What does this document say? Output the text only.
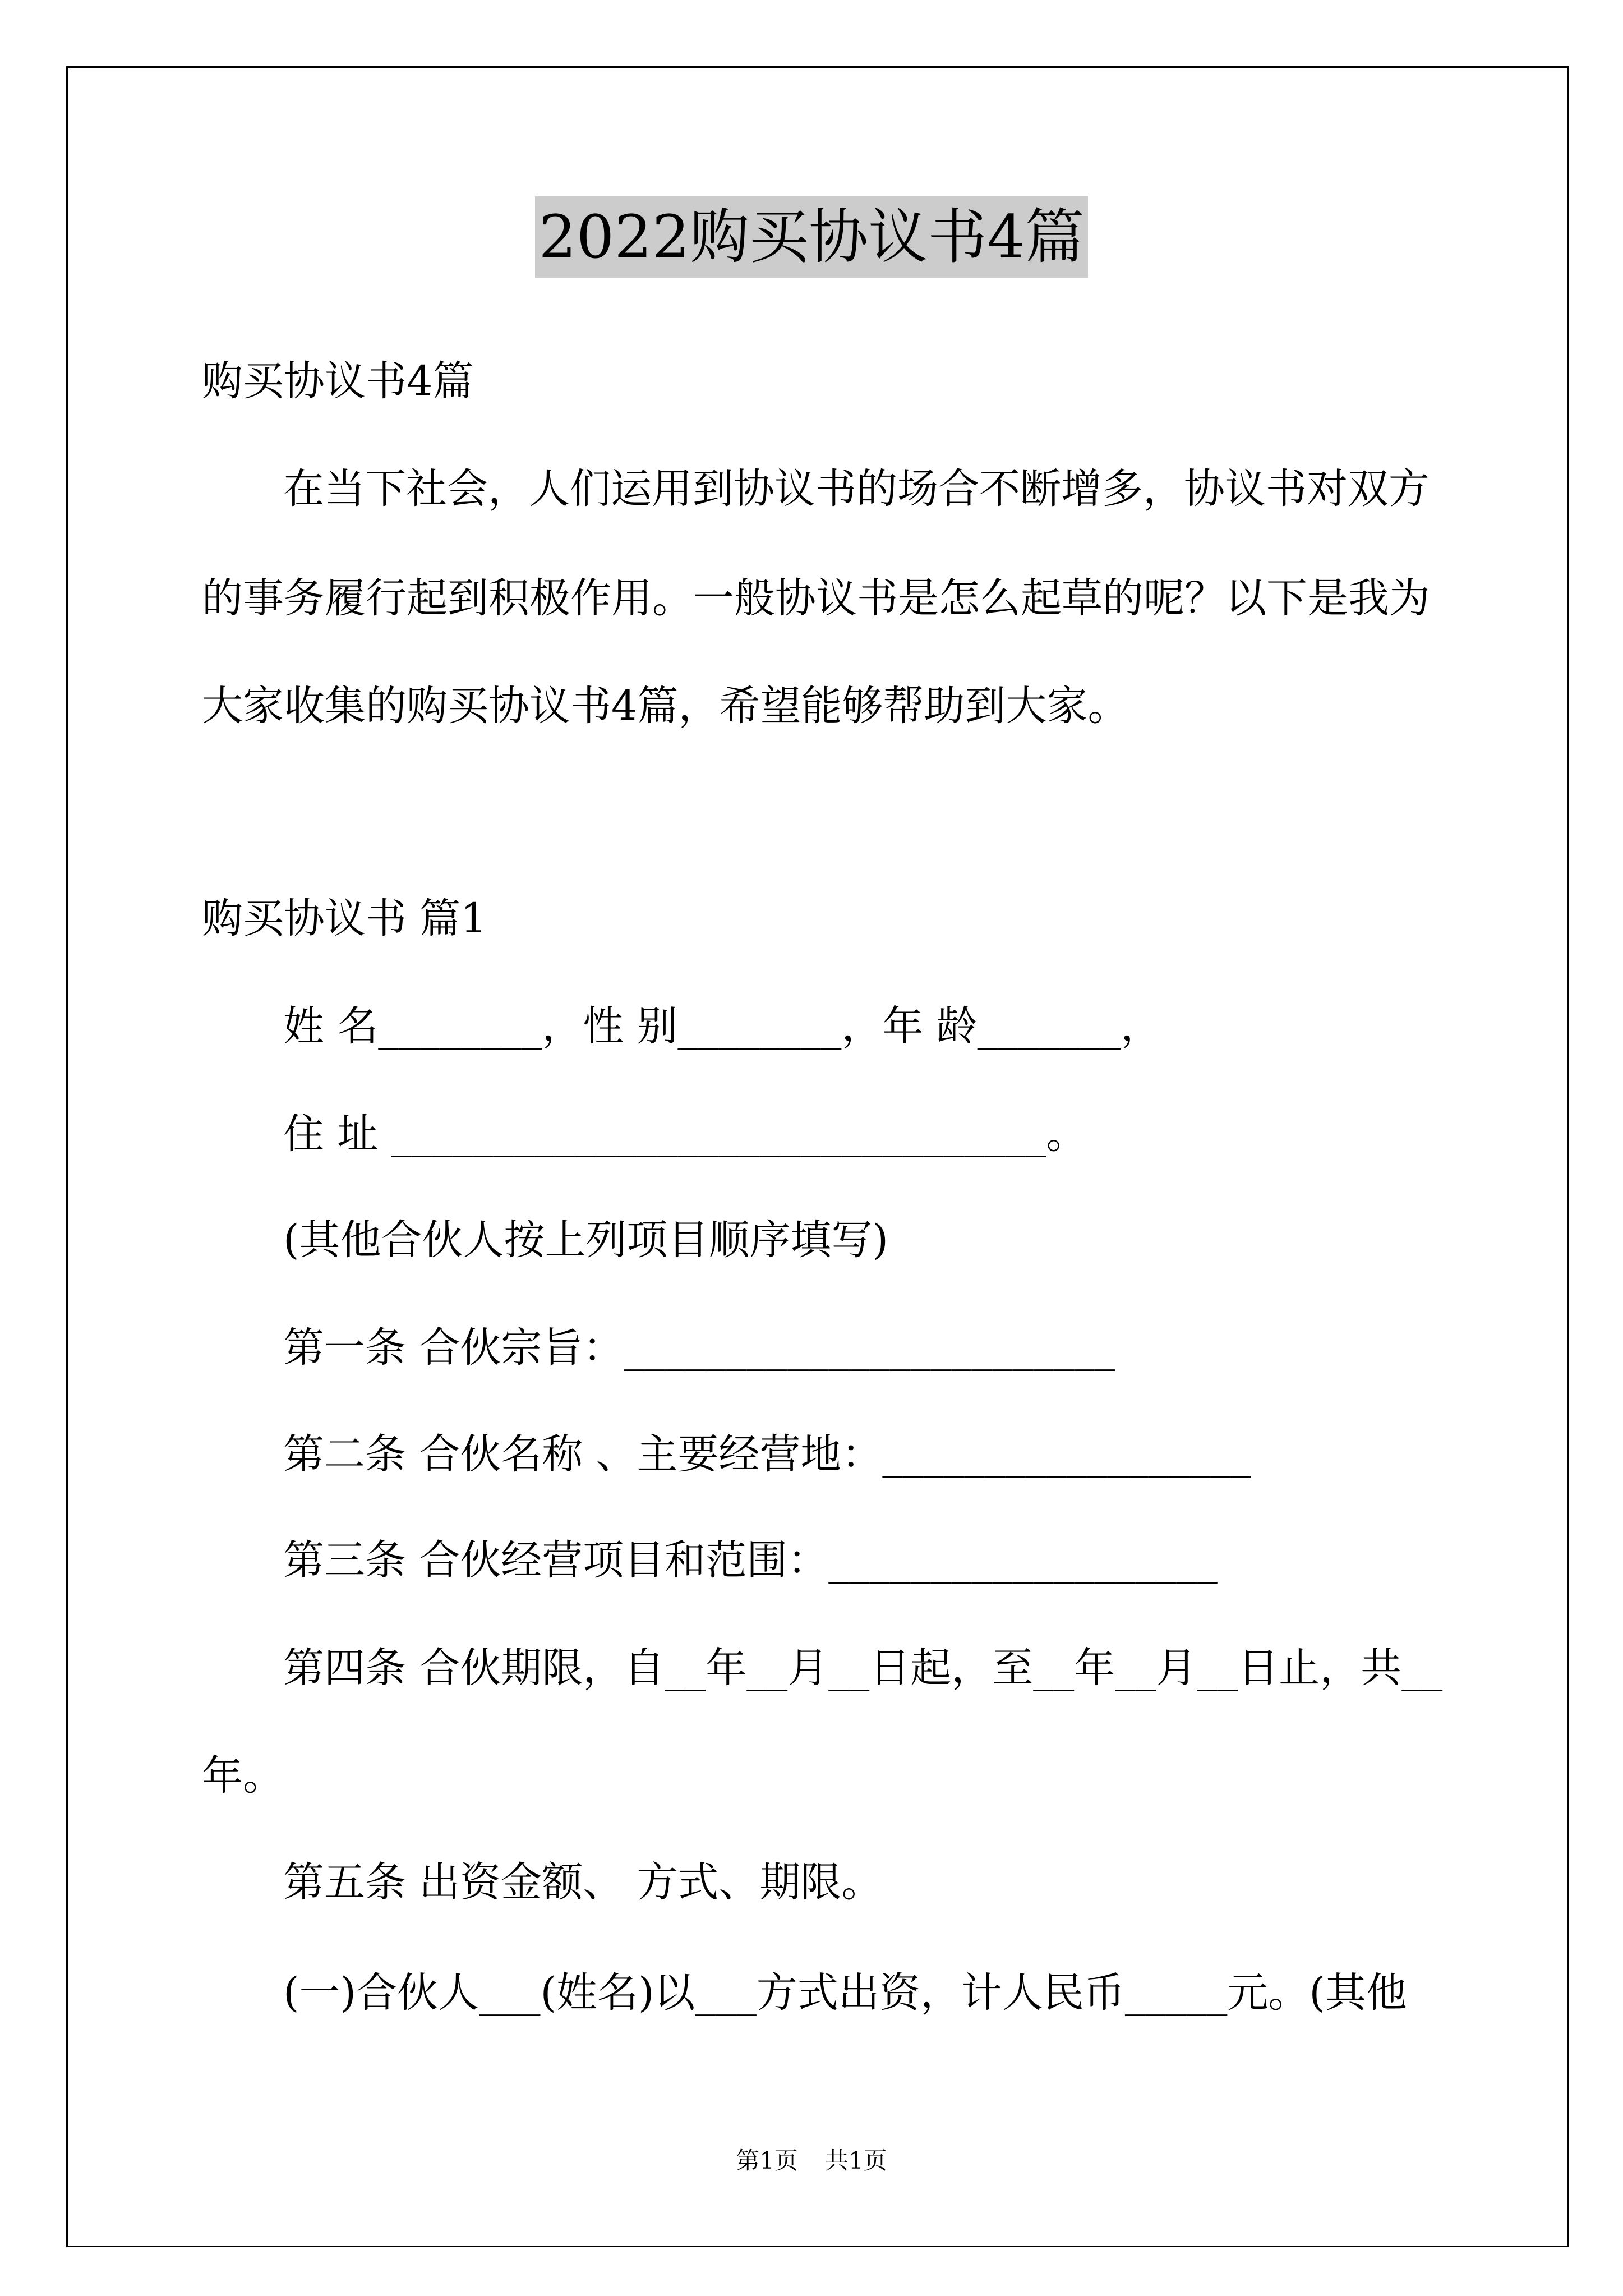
2022购买协议书4篇
购买协议书4篇
在当下社会，人们运用到协议书的场合不断增多，协议书对双方
的事务履行起到积极作用。一般协议书是怎么起草的呢？以下是我为
大家收集的购买协议书4篇，希望能够帮助到大家。
购买协议书 篇1
姓 名________，性 别________，年 龄_______，
住 址 ________________________________。
(其他合伙人按上列项目顺序填写)
第一条 合伙宗旨：________________________
第二条 合伙名称 、主要经营地：__________________
第三条 合伙经营项目和范围：___________________
第四条 合伙期限，自__年__月__日起，至__年__月__日止，共__
年。
第五条 出资金额、 方式、期限。
(一)合伙人___(姓名)以___方式出资，计人民币_____元。(其他
第1页 共1页
